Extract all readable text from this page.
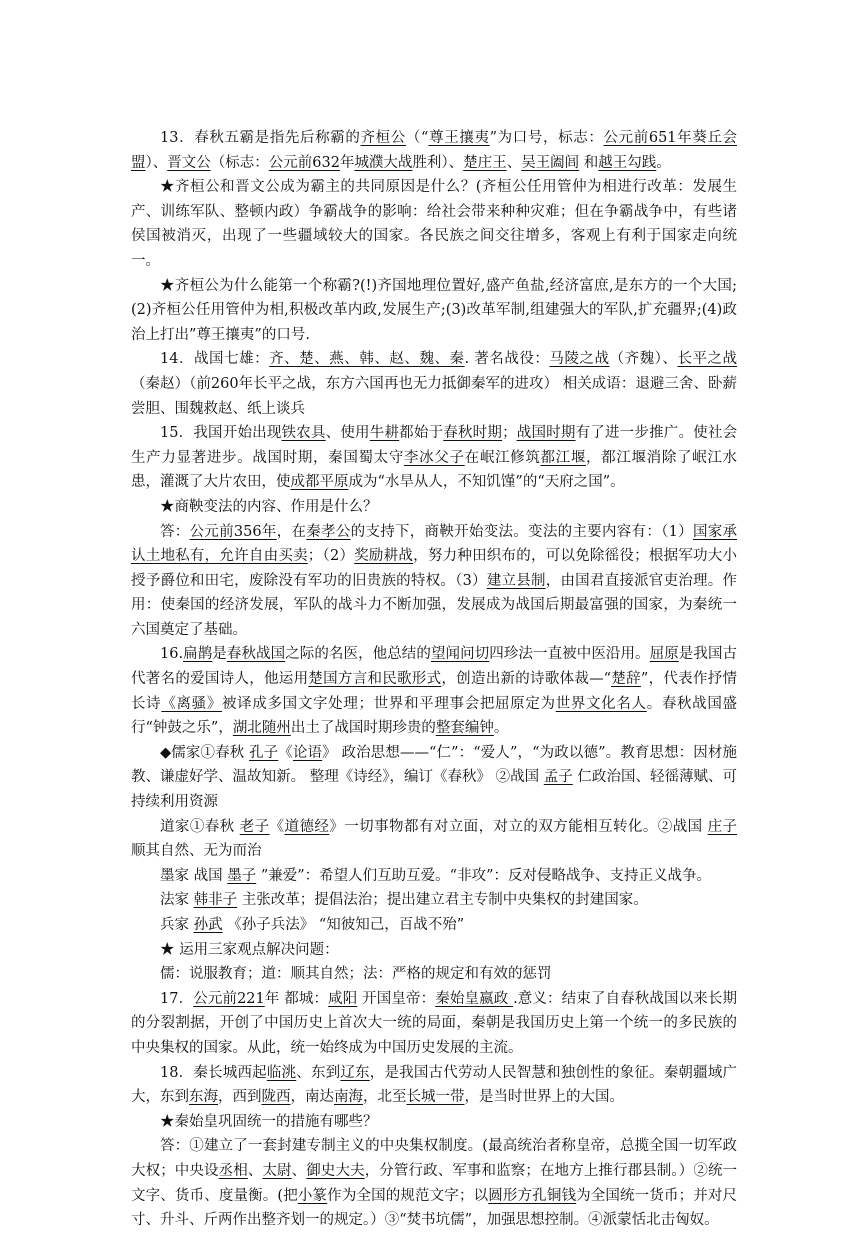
13．春秋五霸是指先后称霸的齐桓公（“尊王攘夷”为口号，标志：公元前651年葵丘会盟）、晋文公（标志：公元前632年城濮大战胜利）、楚庄王、吴王阖闾 和越王勾践。

★齐桓公和晋文公成为霸主的共同原因是什么？(齐桓公任用管仲为相进行改革：发展生产、训练军队、整顿内政）争霸战争的影响：给社会带来种种灾难；但在争霸战争中，有些诸侯国被消灭，出现了一些疆域较大的国家。各民族之间交往增多，客观上有利于国家走向统一。

★齐桓公为什么能第一个称霸?(!)齐国地理位置好,盛产鱼盐,经济富庶,是东方的一个大国;(2)齐桓公任用管仲为相,积极改革内政,发展生产;(3)改革军制,组建强大的军队,扩充疆界;(4)政治上打出”尊王攘夷”的口号.

14．战国七雄：齐、楚、燕、韩、赵、魏、秦. 著名战役：马陵之战（齐魏）、长平之战（秦赵）（前260年长平之战，东方六国再也无力抵御秦军的进攻） 相关成语：退避三舍、卧薪尝胆、围魏救赵、纸上谈兵

15．我国开始出现铁农具、使用牛耕都始于春秋时期；战国时期有了进一步推广。使社会生产力显著进步。战国时期，秦国蜀太守李冰父子在岷江修筑都江堰，都江堰消除了岷江水患，灌溉了大片农田，使成都平原成为“水旱从人，不知饥馑”的“天府之国”。

★商鞅变法的内容、作用是什么？

答：公元前356年，在秦孝公的支持下，商鞅开始变法。变法的主要内容有：（1）国家承认土地私有，允许自由买卖；（2）奖励耕战，努力种田织布的，可以免除徭役；根据军功大小授予爵位和田宅，废除没有军功的旧贵族的特权。（3）建立县制，由国君直接派官吏治理。作用：使秦国的经济发展，军队的战斗力不断加强，发展成为战国后期最富强的国家，为秦统一六国奠定了基础。

16.扁鹊是春秋战国之际的名医，他总结的望闻问切四珍法一直被中医沿用。屈原是我国古代著名的爱国诗人，他运用楚国方言和民歌形式，创造出新的诗歌体裁—“楚辞”，代表作抒情长诗《离骚》被译成多国文字处理；世界和平理事会把屈原定为世界文化名人。春秋战国盛行“钟鼓之乐”，湖北随州出土了战国时期珍贵的整套编钟。

◆儒家①春秋 孔子《论语》 政治思想——“仁”：“爱人”，“为政以德”。教育思想：因材施教、谦虚好学、温故知新。 整理《诗经》，编订《春秋》 ②战国 孟子 仁政治国、轻徭薄赋、可持续利用资源

道家①春秋 老子《道德经》一切事物都有对立面，对立的双方能相互转化。②战国 庄子 顺其自然、无为而治

墨家 战国 墨子 ”兼爱”：希望人们互助互爱。“非攻”：反对侵略战争、支持正义战争。

法家 韩非子 主张改革；提倡法治；提出建立君主专制中央集权的封建国家。

兵家 孙武 《孙子兵法》 “知彼知己，百战不殆”

★ 运用三家观点解决问题：

儒：说服教育；道：顺其自然；法：严格的规定和有效的惩罚

17．公元前221年 都城：咸阳 开国皇帝：秦始皇嬴政 .意义：结束了自春秋战国以来长期的分裂割据，开创了中国历史上首次大一统的局面，秦朝是我国历史上第一个统一的多民族的中央集权的国家。从此，统一始终成为中国历史发展的主流。

18．秦长城西起临洮、东到辽东，是我国古代劳动人民智慧和独创性的象征。秦朝疆域广大，东到东海，西到陇西，南达南海，北至长城一带，是当时世界上的大国。

★秦始皇巩固统一的措施有哪些？

答：①建立了一套封建专制主义的中央集权制度。(最高统治者称皇帝，总揽全国一切军政大权；中央设丞相、太尉、御史大夫，分管行政、军事和监察；在地方上推行郡县制。）②统一文字、货币、度量衡。(把小篆作为全国的规范文字；以圆形方孔铜钱为全国统一货币；并对尺寸、升斗、斤两作出整齐划一的规定。）③“焚书坑儒”，加强思想控制。④派蒙恬北击匈奴。
